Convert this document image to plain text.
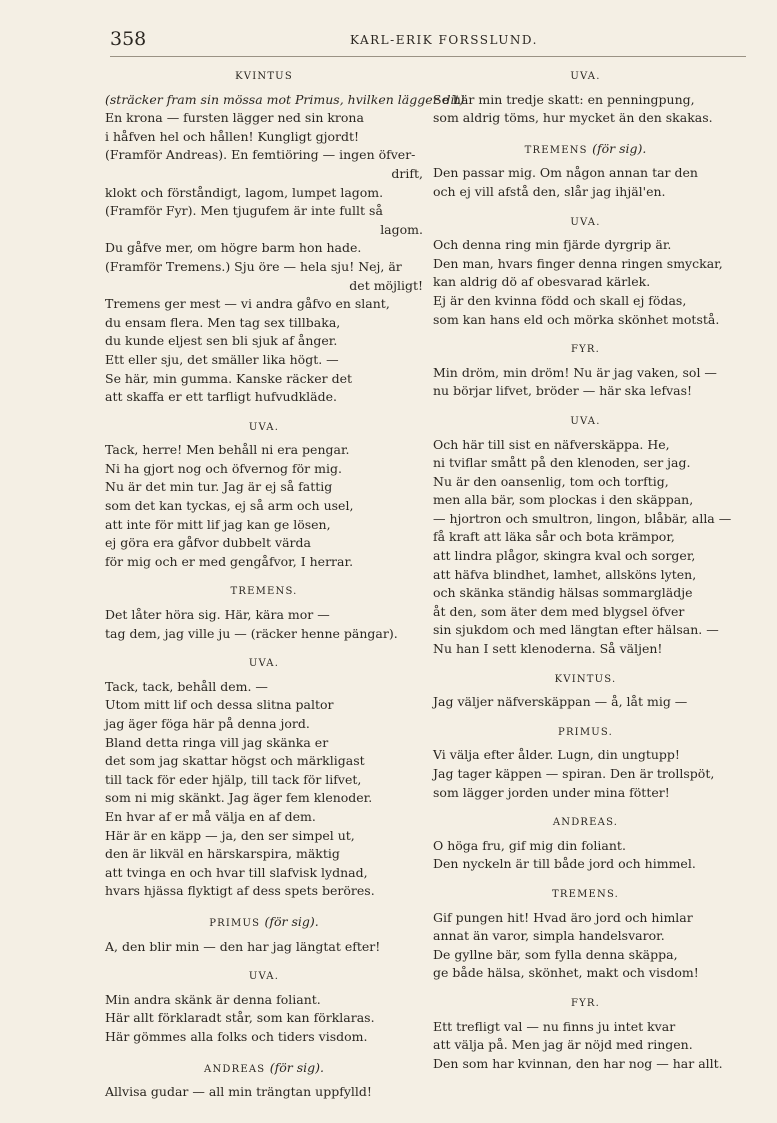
358	KARL-ERIK FORSSLUND.
KVINTUS
(sträcker fram sin mössa mot Primus, hvilken lägger dit)
En krona — fursten lägger ned sin krona
i håfven hel och hållen! Kungligt gjordt!
(Framför Andreas). En femtiöring — ingen öfver-
drift,
klokt och förståndigt, lagom, lumpet lagom.
(Framför Fyr). Men tjugufem är inte fullt så
lagom.
Du gåfve mer, om högre barm hon hade.
(Framför Tremens.) Sju öre — hela sju! Nej, är
det möjligt!
Tremens ger mest — vi andra gåfvo en slant,
du ensam flera. Men tag sex tillbaka,
du kunde eljest sen bli sjuk af ånger.
Ett eller sju, det smäller lika högt. —
Se här, min gumma. Kanske räcker det
att skaffa er ett tarfligt hufvudkläde.
UVA.
Tack, herre! Men behåll ni era pengar.
Ni ha gjort nog och öfvernog för mig.
Nu är det min tur. Jag är ej så fattig
som det kan tyckas, ej så arm och usel,
att inte för mitt lif jag kan ge lösen,
ej göra era gåfvor dubbelt värda
för mig och er med gengåfvor, I herrar.
TREMENS.
Det låter höra sig. Här, kära mor —
tag dem, jag ville ju — (räcker henne pängar).
UVA.
Tack, tack, behåll dem. —
Utom mitt lif och dessa slitna paltor
jag äger föga här på denna jord.
Bland detta ringa vill jag skänka er
det som jag skattar högst och märkligast
till tack för eder hjälp, till tack för lifvet,
som ni mig skänkt. Jag äger fem klenoder.
En hvar af er må välja en af dem.
Här är en käpp — ja, den ser simpel ut,
den är likväl en härskarspira, mäktig
att tvinga en och hvar till slafvisk lydnad,
hvars hjässa flyktigt af dess spets beröres.
PRIMUS (för sig).
A, den blir min — den har jag längtat efter!
UVA.
Min andra skänk är denna foliant.
Här allt förklaradt står, som kan förklaras.
Här gömmes alla folks och tiders visdom.
ANDREAS (för sig).
Allvisa gudar — all min trängtan uppfylld!
UVA.
Se här min tredje skatt: en penningpung,
som aldrig töms, hur mycket än den skakas.
TREMENS (för sig).
Den passar mig. Om någon annan tar den
och ej vill afstå den, slår jag ihjäl'en.
UVA.
Och denna ring min fjärde dyrgrip är.
Den man, hvars finger denna ringen smyckar,
kan aldrig dö af obesvarad kärlek.
Ej är den kvinna född och skall ej födas,
som kan hans eld och mörka skönhet motstå.
FYR.
Min dröm, min dröm! Nu är jag vaken, sol —
nu börjar lifvet, bröder — här ska lefvas!
UVA.
Och här till sist en näfverskäppa. He,
ni tviflar smått på den klenoden, ser jag.
Nu är den oansenlig, tom och torftig,
men alla bär, som plockas i den skäppan,
— hjortron och smultron, lingon, blåbär, alla —
få kraft att läka sår och bota krämpor,
att lindra plågor, skingra kval och sorger,
att häfva blindhet, lamhet, allsköns lyten,
och skänka ständig hälsas sommarglädje
åt den, som äter dem med blygsel öfver
sin sjukdom och med längtan efter hälsan. —
Nu han I sett klenoderna. Så väljen!
KVINTUS.
Jag väljer näfverskäppan — å, låt mig —
PRIMUS.
Vi välja efter ålder. Lugn, din ungtupp!
Jag tager käppen — spiran. Den är trollspöt,
som lägger jorden under mina fötter!
ANDREAS.
O höga fru, gif mig din foliant.
Den nyckeln är till både jord och himmel.
TREMENS.
Gif pungen hit! Hvad äro jord och himlar
annat än varor, simpla handelsvaror.
De gyllne bär, som fylla denna skäppa,
ge både hälsa, skönhet, makt och visdom!
FYR.
Ett trefligt val — nu finns ju intet kvar
att välja på. Men jag är nöjd med ringen.
Den som har kvinnan, den har nog — har allt.
